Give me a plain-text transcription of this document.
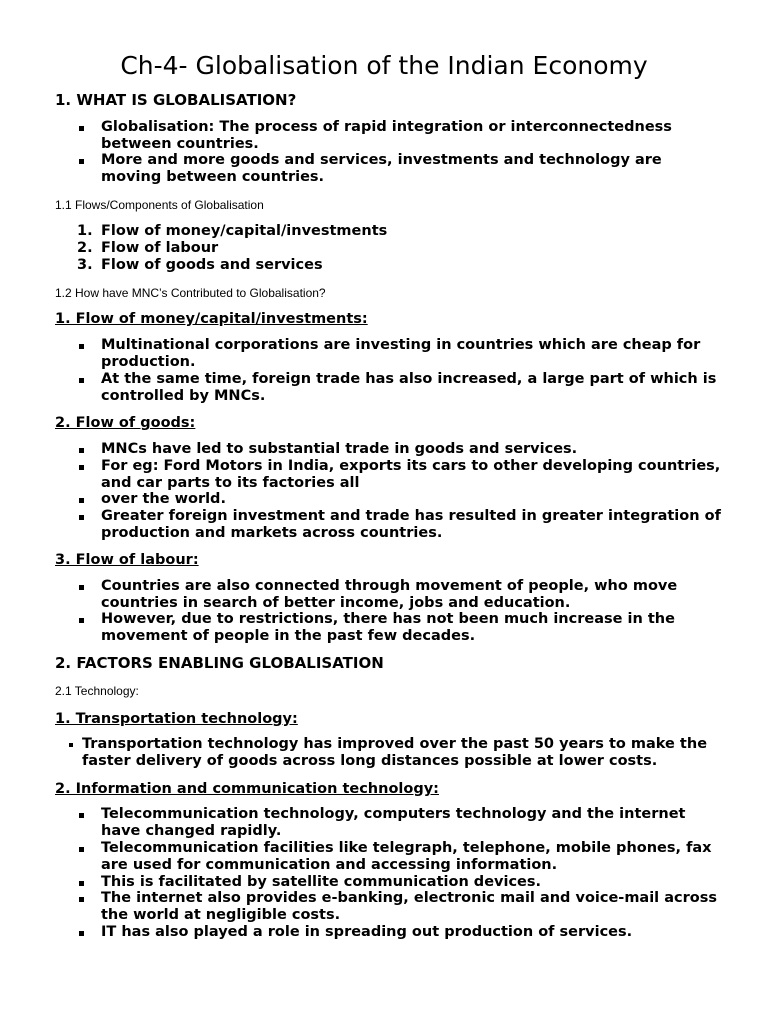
Ch-4- Globalisation of the Indian Economy
1. WHAT IS GLOBALISATION?
Globalisation: The process of rapid integration or interconnectedness between countries.
More and more goods and services, investments and technology are moving between countries.
1.1 Flows/Components of Globalisation
1. Flow of money/capital/investments
2. Flow of labour
3. Flow of goods and services
1.2 How have MNC’s Contributed to Globalisation?
1. Flow of money/capital/investments:
Multinational corporations are investing in countries which are cheap for production.
At the same time, foreign trade has also increased, a large part of which is controlled by MNCs.
2. Flow of goods:
MNCs have led to substantial trade in goods and services.
For eg: Ford Motors in India, exports its cars to other developing countries, and car parts to its factories all
over the world.
Greater foreign investment and trade has resulted in greater integration of production and markets across countries.
3. Flow of labour:
Countries are also connected through movement of people, who move countries in search of better income, jobs and education.
However, due to restrictions, there has not been much increase in the movement of people in the past few decades.
2. FACTORS ENABLING GLOBALISATION
2.1 Technology:
1. Transportation technology:
Transportation technology has improved over the past 50 years to make the faster delivery of goods across long distances possible at lower costs.
2. Information and communication technology:
Telecommunication technology, computers technology and the internet have changed rapidly.
Telecommunication facilities like telegraph, telephone, mobile phones, fax are used for communication and accessing information.
This is facilitated by satellite communication devices.
The internet also provides e-banking, electronic mail and voice-mail across the world at negligible costs.
IT has also played a role in spreading out production of services.
